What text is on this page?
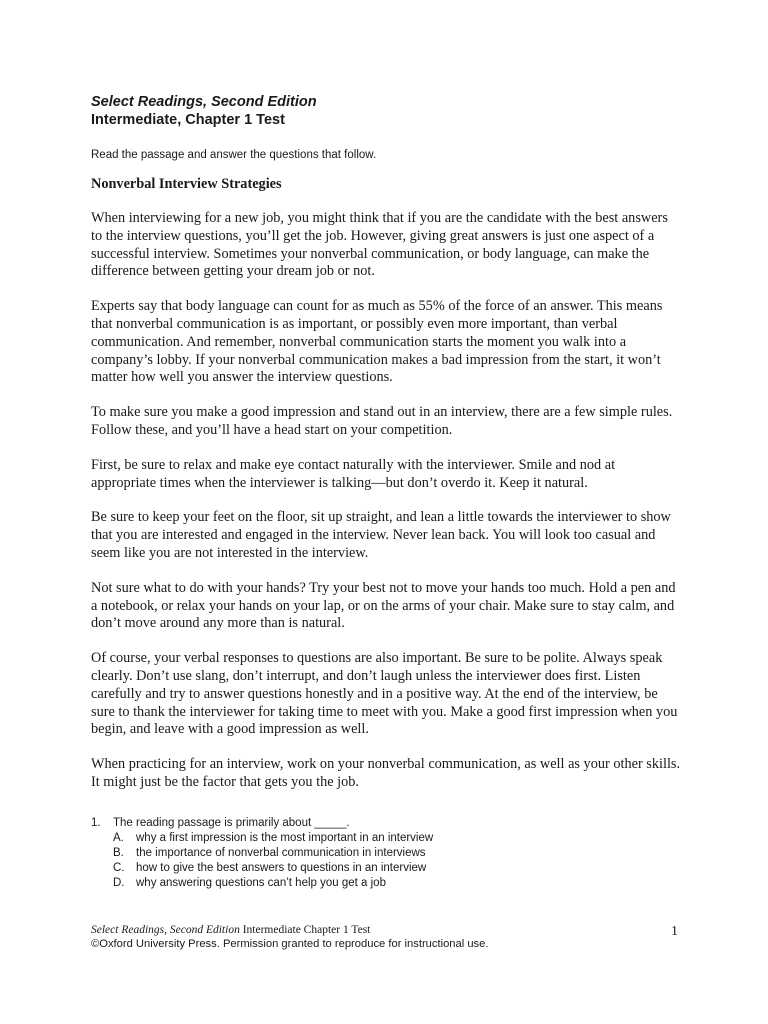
Select Readings, Second Edition
Intermediate, Chapter 1 Test

Read the passage and answer the questions that follow.

Nonverbal Interview Strategies

When interviewing for a new job, you might think that if you are the candidate with the best answers to the interview questions, you’ll get the job. However, giving great answers is just one aspect of a successful interview. Sometimes your nonverbal communication, or body language, can make the difference between getting your dream job or not.

Experts say that body language can count for as much as 55% of the force of an answer. This means that nonverbal communication is as important, or possibly even more important, than verbal communication. And remember, nonverbal communication starts the moment you walk into a company’s lobby. If your nonverbal communication makes a bad impression from the start, it won’t matter how well you answer the interview questions.

To make sure you make a good impression and stand out in an interview, there are a few simple rules. Follow these, and you’ll have a head start on your competition.

First, be sure to relax and make eye contact naturally with the interviewer. Smile and nod at appropriate times when the interviewer is talking—but don’t overdo it. Keep it natural.

Be sure to keep your feet on the floor, sit up straight, and lean a little towards the interviewer to show that you are interested and engaged in the interview. Never lean back. You will look too casual and seem like you are not interested in the interview.

Not sure what to do with your hands? Try your best not to move your hands too much. Hold a pen and a notebook, or relax your hands on your lap, or on the arms of your chair. Make sure to stay calm, and don’t move around any more than is natural.

Of course, your verbal responses to questions are also important. Be sure to be polite. Always speak clearly. Don’t use slang, don’t interrupt, and don’t laugh unless the interviewer does first. Listen carefully and try to answer questions honestly and in a positive way. At the end of the interview, be sure to thank the interviewer for taking time to meet with you. Make a good first impression when you begin, and leave with a good impression as well.

When practicing for an interview, work on your nonverbal communication, as well as your other skills. It might just be the factor that gets you the job.

1. The reading passage is primarily about _____.
A. why a first impression is the most important in an interview
B. the importance of nonverbal communication in interviews
C. how to give the best answers to questions in an interview
D. why answering questions can’t help you get a job
Select Readings, Second Edition Intermediate Chapter 1 Test
©Oxford University Press. Permission granted to reproduce for instructional use.
1
